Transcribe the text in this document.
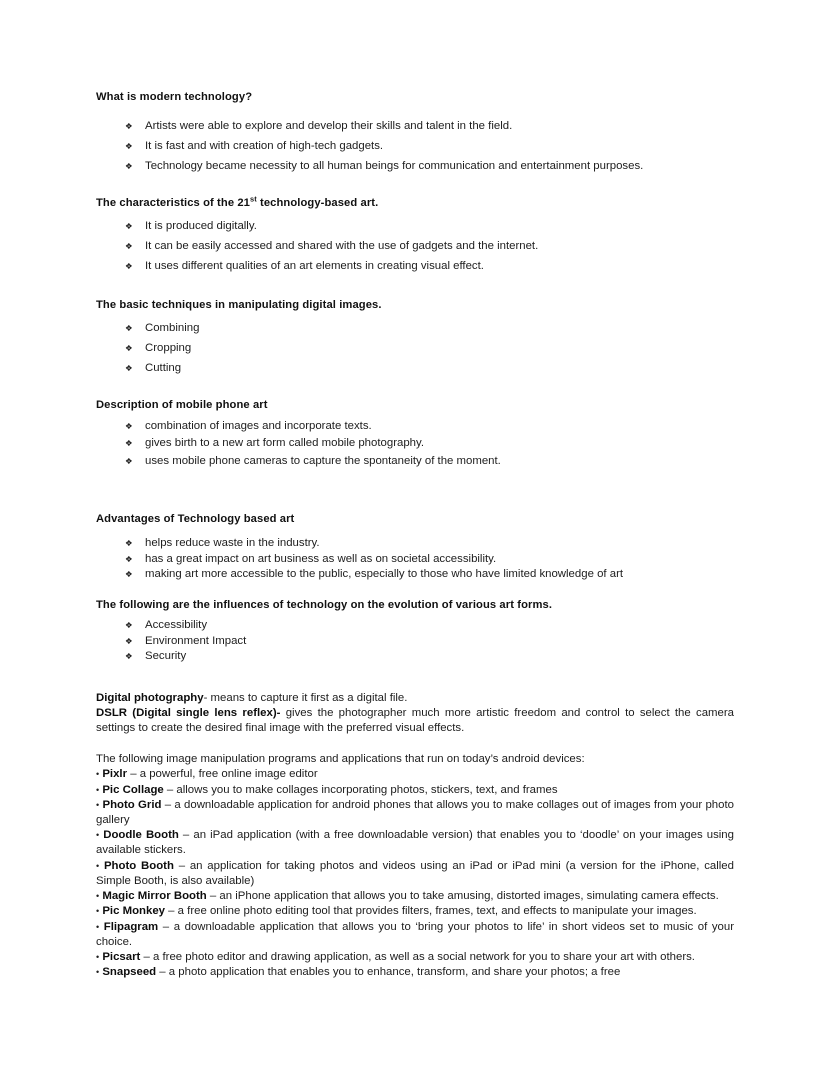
What is modern technology?
❖ Artists were able to explore and develop their skills and talent in the field.
❖ It is fast and with creation of high-tech gadgets.
❖ Technology became necessity to all human beings for communication and entertainment purposes.
The characteristics of the 21st technology-based art.
❖ It is produced digitally.
❖ It can be easily accessed and shared with the use of gadgets and the internet.
❖ It uses different qualities of an art elements in creating visual effect.
The basic techniques in manipulating digital images.
❖ Combining
❖ Cropping
❖ Cutting
Description of mobile phone art
❖ combination of images and incorporate texts.
❖ gives birth to a new art form called mobile photography.
❖ uses mobile phone cameras to capture the spontaneity of the moment.
Advantages of Technology based art
❖ helps reduce waste in the industry.
❖ has a great impact on art business as well as on societal accessibility.
❖ making art more accessible to the public, especially to those who have limited knowledge of art
The following are the influences of technology on the evolution of various art forms.
❖ Accessibility
❖ Environment Impact
❖ Security

Digital photography- means to capture it first as a digital file.

DSLR (Digital single lens reflex)- gives the photographer much more artistic freedom and control to select the camera settings to create the desired final image with the preferred visual effects.

The following image manipulation programs and applications that run on today’s android devices:

• Pixlr – a powerful, free online image editor

• Pic Collage – allows you to make collages incorporating photos, stickers, text, and frames

• Photo Grid – a downloadable application for android phones that allows you to make collages out of images from your photo gallery

• Doodle Booth – an iPad application (with a free downloadable version) that enables you to ‘doodle’ on your images using available stickers.

• Photo Booth – an application for taking photos and videos using an iPad or iPad mini (a version for the iPhone, called Simple Booth, is also available)

• Magic Mirror Booth – an iPhone application that allows you to take amusing, distorted images, simulating camera effects.

• Pic Monkey – a free online photo editing tool that provides filters, frames, text, and effects to manipulate your images.

• Flipagram – a downloadable application that allows you to ‘bring your photos to life’ in short videos set to music of your choice.

• Picsart – a free photo editor and drawing application, as well as a social network for you to share your art with others.

• Snapseed – a photo application that enables you to enhance, transform, and share your photos; a free
